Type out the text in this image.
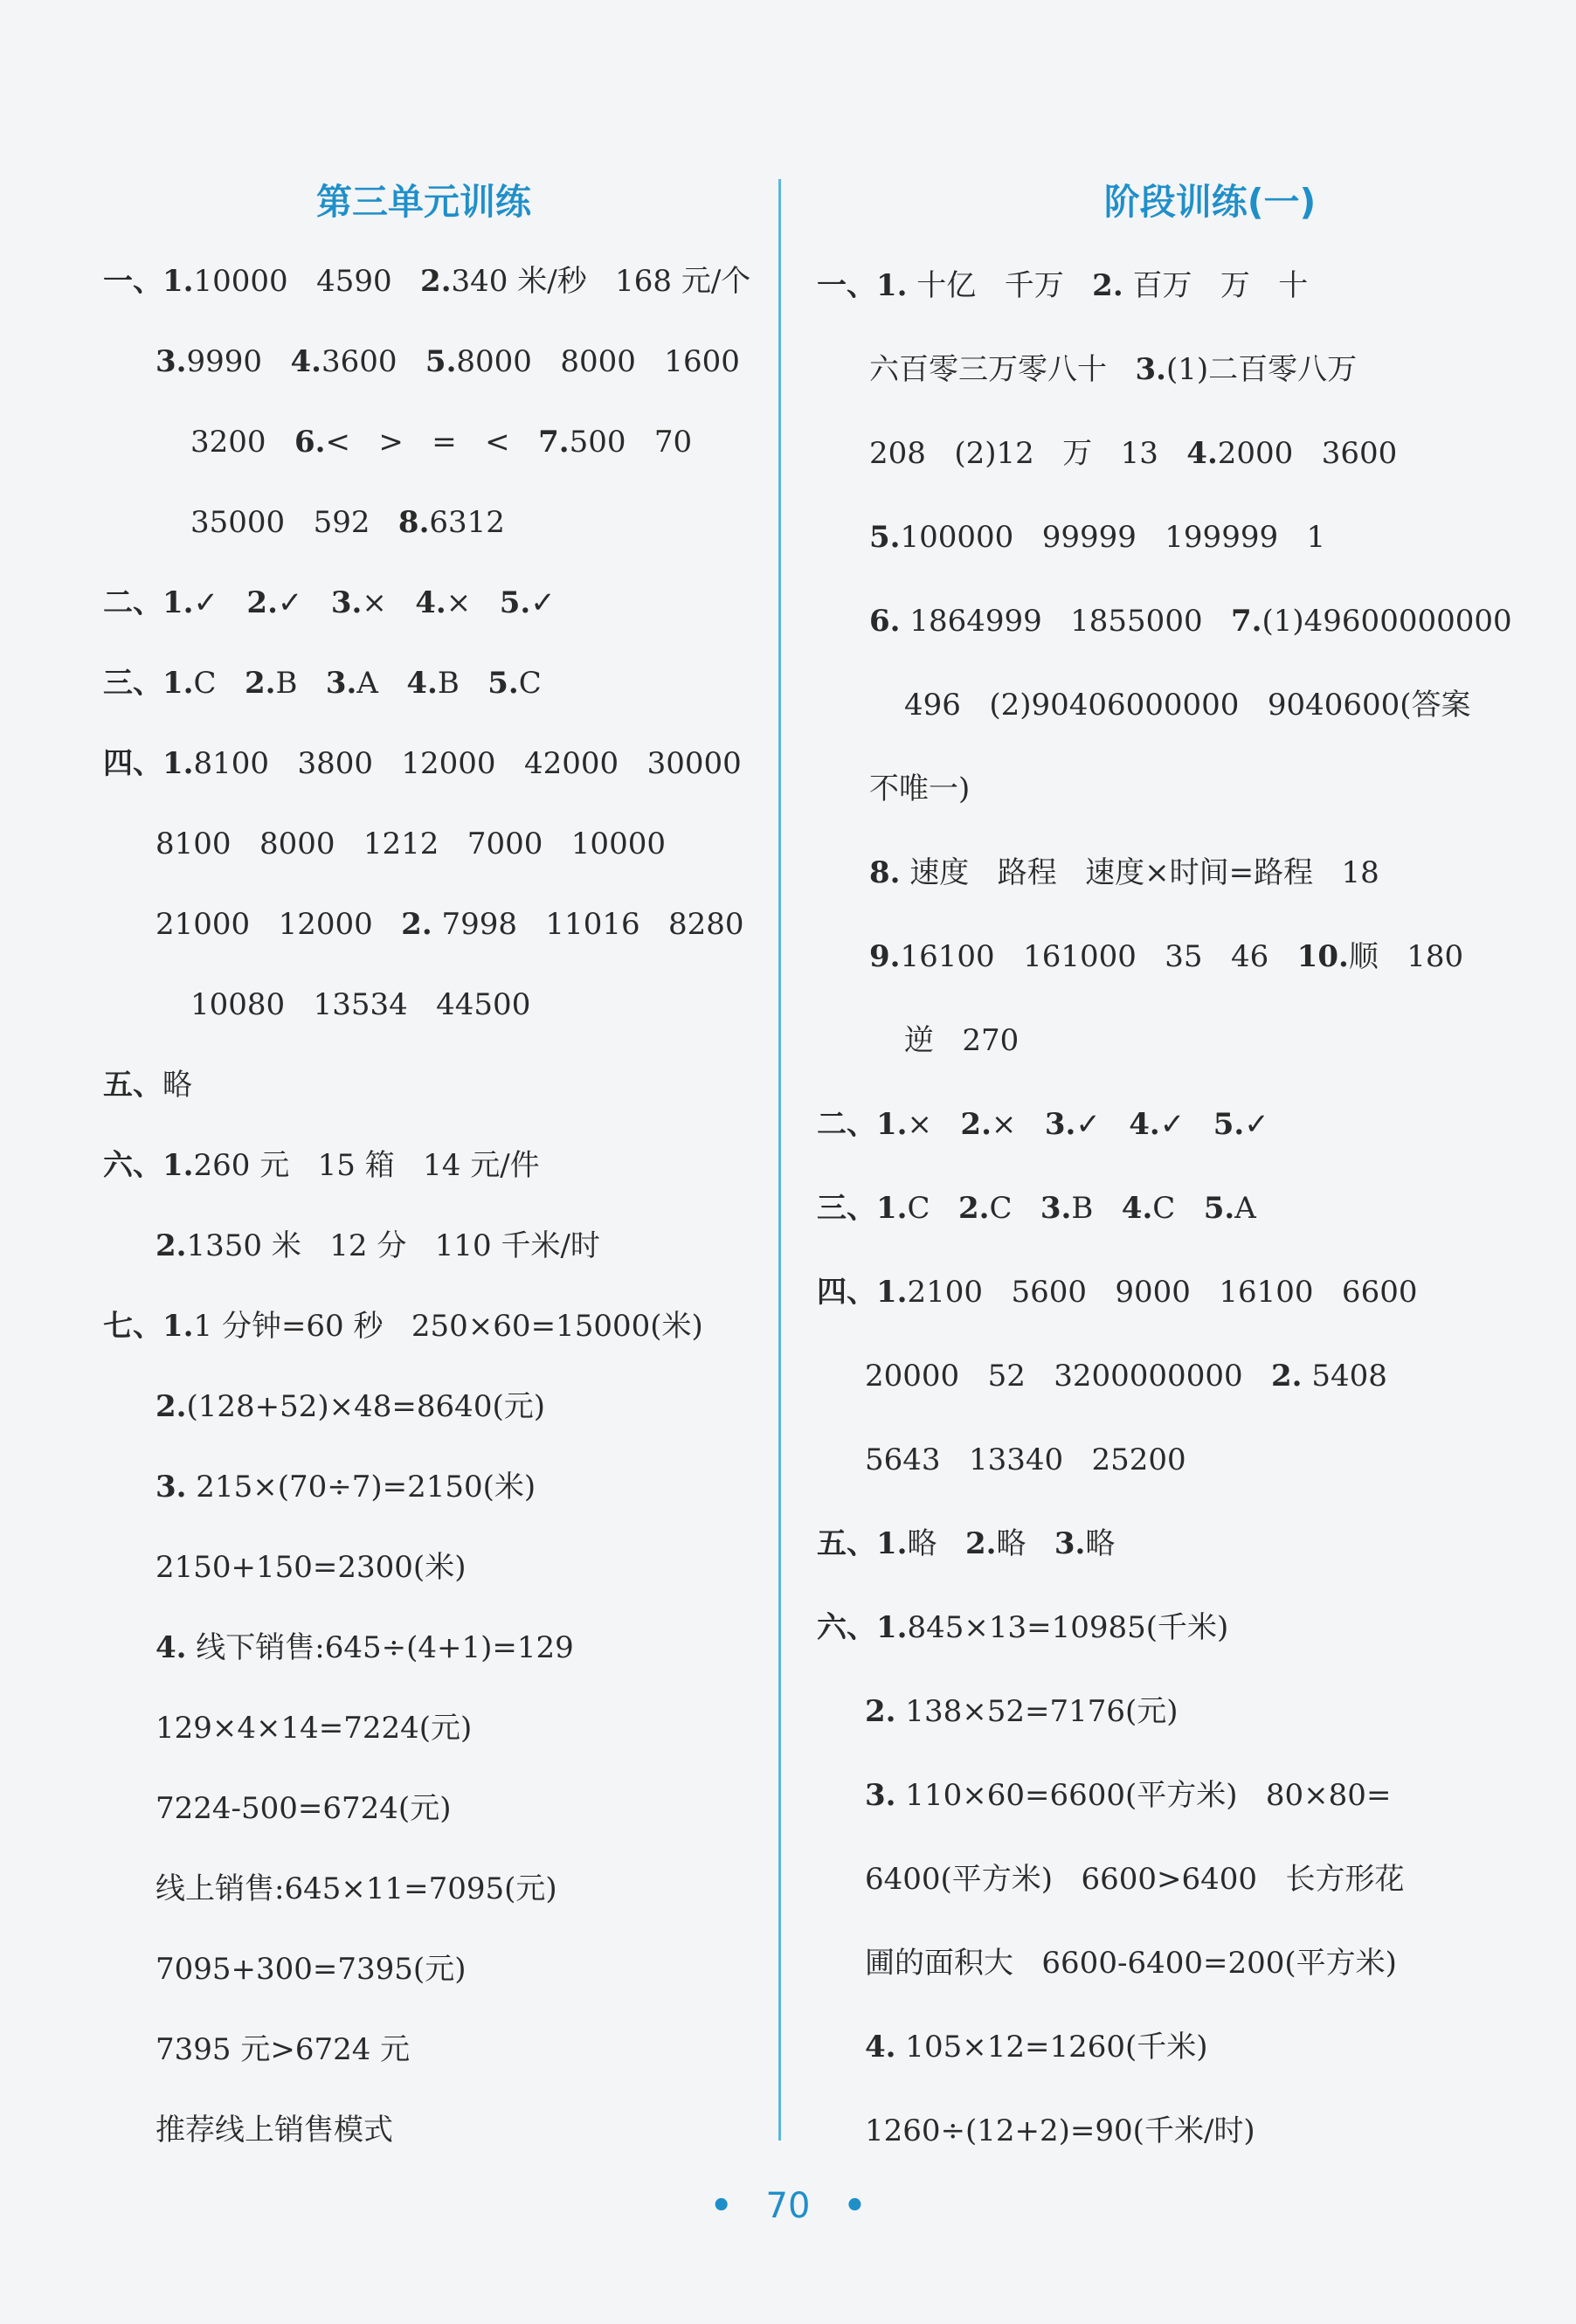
第三单元训练
一、1.10000   4590   2.340 米/秒   168 元/个
3.9990   4.3600   5.8000   8000   1600
3200   6.<   >   =   <   7.500   70
35000   592   8.6312
二、1.✓   2.✓   3.×   4.×   5.✓
三、1.C   2.B   3.A   4.B   5.C
四、1.8100   3800   12000   42000   30000
8100   8000   1212   7000   10000
21000   12000   2. 7998   11016   8280
10080   13534   44500
五、略
六、1.260 元   15 箱   14 元/件
2.1350 米   12 分   110 千米/时
七、1.1 分钟=60 秒   250×60=15000(米)
2.(128+52)×48=8640(元)
3. 215×(70÷7)=2150(米)
2150+150=2300(米)
4. 线下销售:645÷(4+1)=129
129×4×14=7224(元)
7224-500=6724(元)
线上销售:645×11=7095(元)
7095+300=7395(元)
7395 元>6724 元
推荐线上销售模式
阶段训练(一)
一、1. 十亿   千万   2. 百万   万   十
六百零三万零八十   3.(1)二百零八万
208   (2)12   万   13   4.2000   3600
5.100000   99999   199999   1
6. 1864999   1855000   7.(1)49600000000
496   (2)90406000000   9040600(答案
不唯一)
8. 速度   路程   速度×时间=路程   18
9.16100   161000   35   46   10.顺   180
逆   270
二、1.×   2.×   3.✓   4.✓   5.✓
三、1.C   2.C   3.B   4.C   5.A
四、1.2100   5600   9000   16100   6600
20000   52   3200000000   2. 5408
5643   13340   25200
五、1.略   2.略   3.略
六、1.845×13=10985(千米)
2. 138×52=7176(元)
3. 110×60=6600(平方米)   80×80=
6400(平方米)   6600>6400   长方形花
圃的面积大   6600-6400=200(平方米)
4. 105×12=1260(千米)
1260÷(12+2)=90(千米/时)
• 70 •
